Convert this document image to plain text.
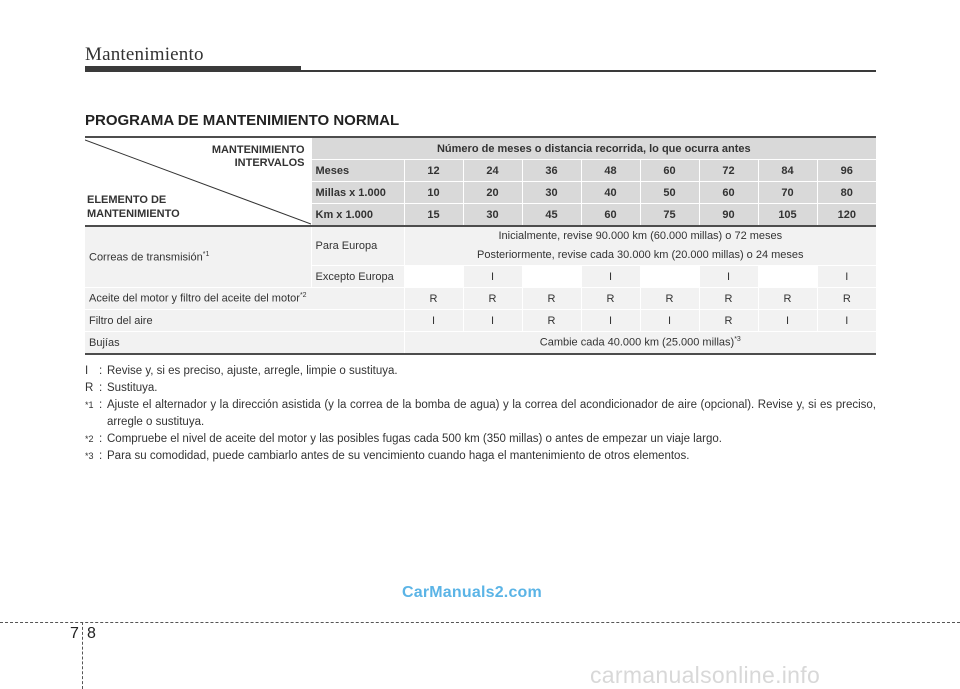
Mantenimiento
PROGRAMA DE MANTENIMIENTO NORMAL
MANTENIMIENTO
INTERVALOS
ELEMENTO DE
MANTENIMIENTO	Número de meses o distancia recorrida, lo que ocurra antes								
	Meses	12	24	36	48	60	72	84	96
	Millas x 1.000	10	20	30	40	50	60	70	80
	Km x 1.000	15	30	45	60	75	90	105	120
Correas de transmisión$^{*1}$	Para Europa	Inicialmente, revise 90.000 km (60.000 millas) o 72 meses
Posteriormente, revise cada 30.000 km (20.000 millas) o 24 meses							

	Excepto Europa		I		I		I		I
Aceite del motor y filtro del aceite del motor$^{*2}$		R	R	R	R	R	R	R	R
Filtro del aire		I	I	R	I	I	R	I	I
Bujías		Cambie cada 40.000 km (25.000 millas)$^{*3}$
I : Revise y, si es preciso, ajuste, arregle, limpie o sustituya.
R : Sustituya.
*1 : Ajuste el alternador y la dirección asistida (y la correa de la bomba de agua) y la correa del acondicionador de aire (opcional). Revise y, si es preciso, arregle o sustituya.
*2 : Compruebe el nivel de aceite del motor y las posibles fugas cada 500 km (350 millas) o antes de empezar un viaje largo.
*3 : Para su comodidad, puede cambiarlo antes de su vencimiento cuando haga el mantenimiento de otros elementos.
CarManuals2.com
7 8
carmanualsonline.info
